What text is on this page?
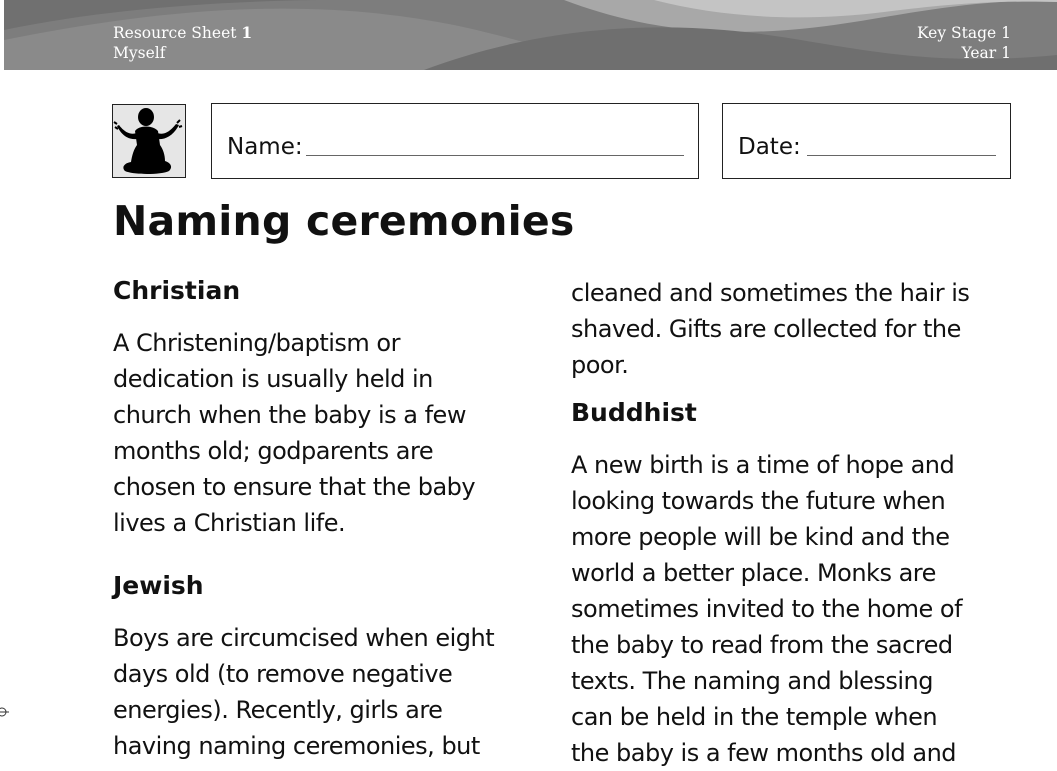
Resource Sheet 1
Myself
Key Stage 1
Year 1
Name:	Date:
Naming ceremonies
Christian

A Christening/baptism or
dedication is usually held in
church when the baby is a few
months old; godparents are
chosen to ensure that the baby
lives a Christian life.

Jewish

Boys are circumcised when eight
days old (to remove negative
energies). Recently, girls are
having naming ceremonies, but

cleaned and sometimes the hair is
shaved. Gifts are collected for the
poor.

Buddhist

A new birth is a time of hope and
looking towards the future when
more people will be kind and the
world a better place. Monks are
sometimes invited to the home of
the baby to read from the sacred
texts. The naming and blessing
can be held in the temple when
the baby is a few months old and
